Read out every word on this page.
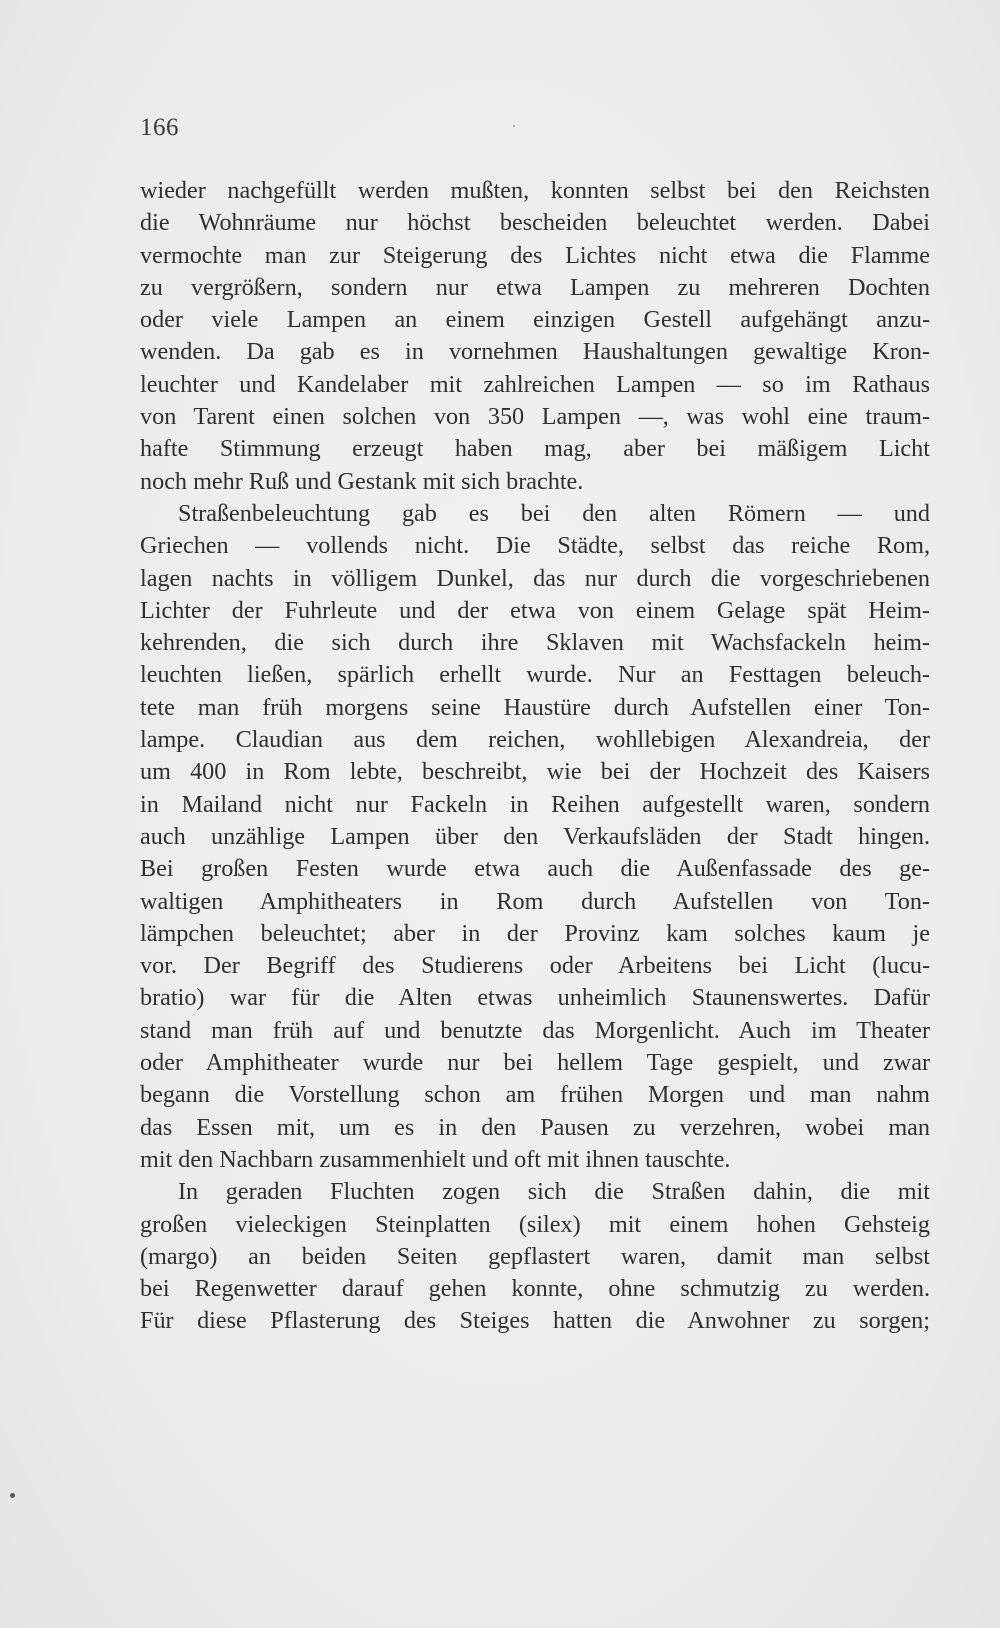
166
wieder nachgefüllt werden mußten, konnten selbst bei den Reichsten
die Wohnräume nur höchst bescheiden beleuchtet werden. Dabei
vermochte man zur Steigerung des Lichtes nicht etwa die Flamme
zu vergrößern, sondern nur etwa Lampen zu mehreren Dochten
oder viele Lampen an einem einzigen Gestell aufgehängt anzu-
wenden. Da gab es in vornehmen Haushaltungen gewaltige Kron-
leuchter und Kandelaber mit zahlreichen Lampen — so im Rathaus
von Tarent einen solchen von 350 Lampen —, was wohl eine traum-
hafte Stimmung erzeugt haben mag, aber bei mäßigem Licht
noch mehr Ruß und Gestank mit sich brachte.
Straßenbeleuchtung gab es bei den alten Römern — und
Griechen — vollends nicht. Die Städte, selbst das reiche Rom,
lagen nachts in völligem Dunkel, das nur durch die vorgeschriebenen
Lichter der Fuhrleute und der etwa von einem Gelage spät Heim-
kehrenden, die sich durch ihre Sklaven mit Wachsfackeln heim-
leuchten ließen, spärlich erhellt wurde. Nur an Festtagen beleuch-
tete man früh morgens seine Haustüre durch Aufstellen einer Ton-
lampe. Claudian aus dem reichen, wohllebigen Alexandreia, der
um 400 in Rom lebte, beschreibt, wie bei der Hochzeit des Kaisers
in Mailand nicht nur Fackeln in Reihen aufgestellt waren, sondern
auch unzählige Lampen über den Verkaufsläden der Stadt hingen.
Bei großen Festen wurde etwa auch die Außenfassade des ge-
waltigen Amphitheaters in Rom durch Aufstellen von Ton-
lämpchen beleuchtet; aber in der Provinz kam solches kaum je
vor. Der Begriff des Studierens oder Arbeitens bei Licht (lucu-
bratio) war für die Alten etwas unheimlich Staunenswertes. Dafür
stand man früh auf und benutzte das Morgenlicht. Auch im Theater
oder Amphitheater wurde nur bei hellem Tage gespielt, und zwar
begann die Vorstellung schon am frühen Morgen und man nahm
das Essen mit, um es in den Pausen zu verzehren, wobei man
mit den Nachbarn zusammenhielt und oft mit ihnen tauschte.
In geraden Fluchten zogen sich die Straßen dahin, die mit
großen vieleckigen Steinplatten (silex) mit einem hohen Gehsteig
(margo) an beiden Seiten gepflastert waren, damit man selbst
bei Regenwetter darauf gehen konnte, ohne schmutzig zu werden.
Für diese Pflasterung des Steiges hatten die Anwohner zu sorgen;
